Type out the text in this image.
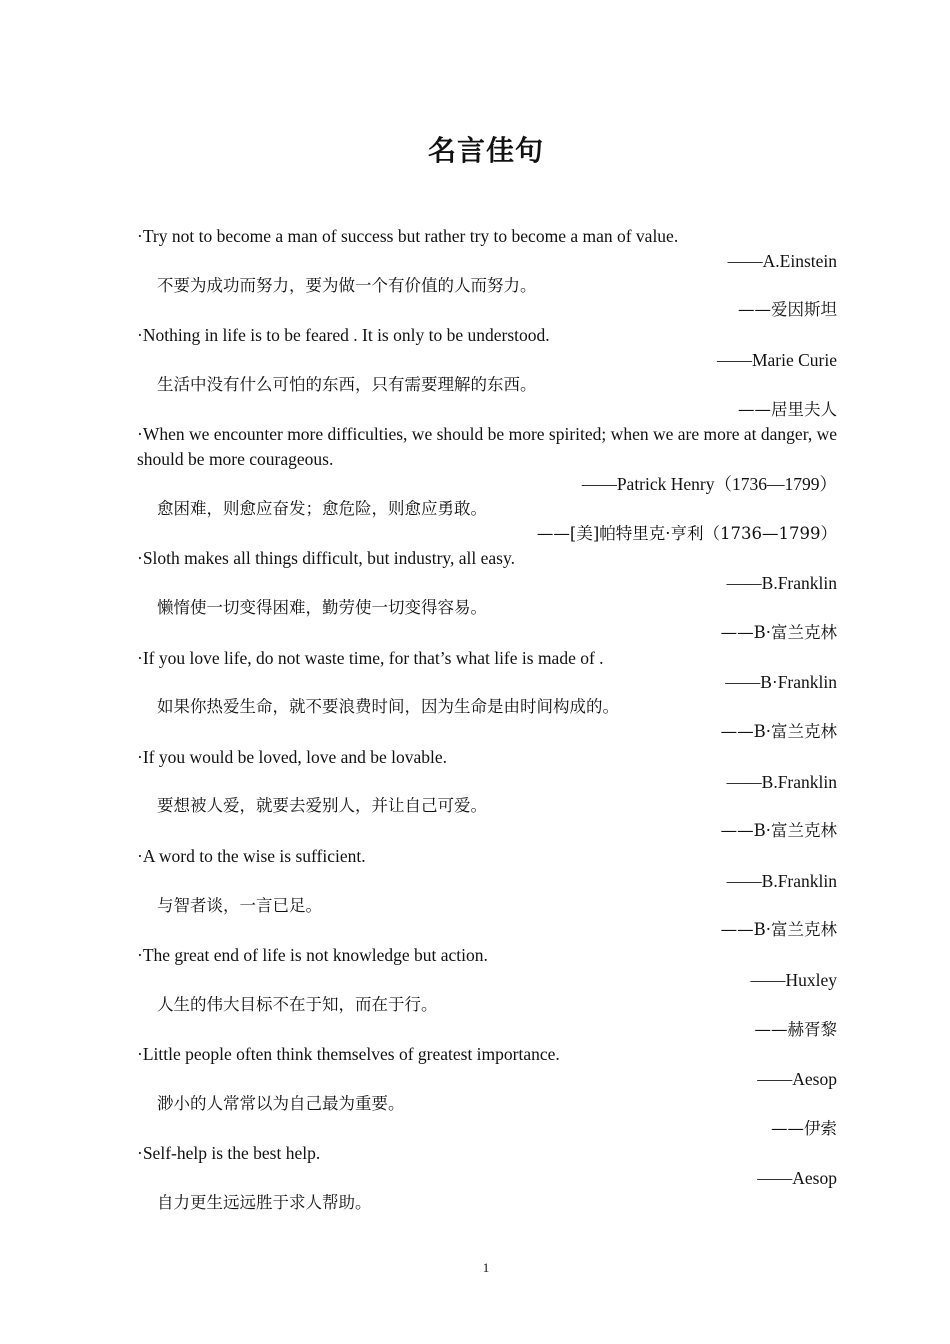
名言佳句
·Try not to become a man of success but rather try to become a man of value.
——A.Einstein
不要为成功而努力，要为做一个有价值的人而努力。
——爱因斯坦
·Nothing in life is to be feared . It is only to be understood.
——Marie Curie
生活中没有什么可怕的东西，只有需要理解的东西。
——居里夫人
·When we encounter more difficulties, we should be more spirited; when we are more at danger, we should be more courageous.
——Patrick Henry（1736—1799）
愈困难，则愈应奋发；愈危险，则愈应勇敢。
——[美]帕特里克·亨利（1736—1799）
·Sloth makes all things difficult, but industry, all easy.
——B.Franklin
懒惰使一切变得困难，勤劳使一切变得容易。
——B·富兰克林
·If you love life, do not waste time, for that’s what life is made of .
——B·Franklin
如果你热爱生命，就不要浪费时间，因为生命是由时间构成的。
——B·富兰克林
·If you would be loved, love and be lovable.
——B.Franklin
要想被人爱，就要去爱别人，并让自己可爱。
——B·富兰克林
·A word to the wise is sufficient.
——B.Franklin
与智者谈，一言已足。
——B·富兰克林
·The great end of life is not knowledge but action.
——Huxley
人生的伟大目标不在于知，而在于行。
——赫胥黎
·Little people often think themselves of greatest importance.
——Aesop
渺小的人常常以为自己最为重要。
——伊索
·Self-help is the best help.
——Aesop
自力更生远远胜于求人帮助。
1
